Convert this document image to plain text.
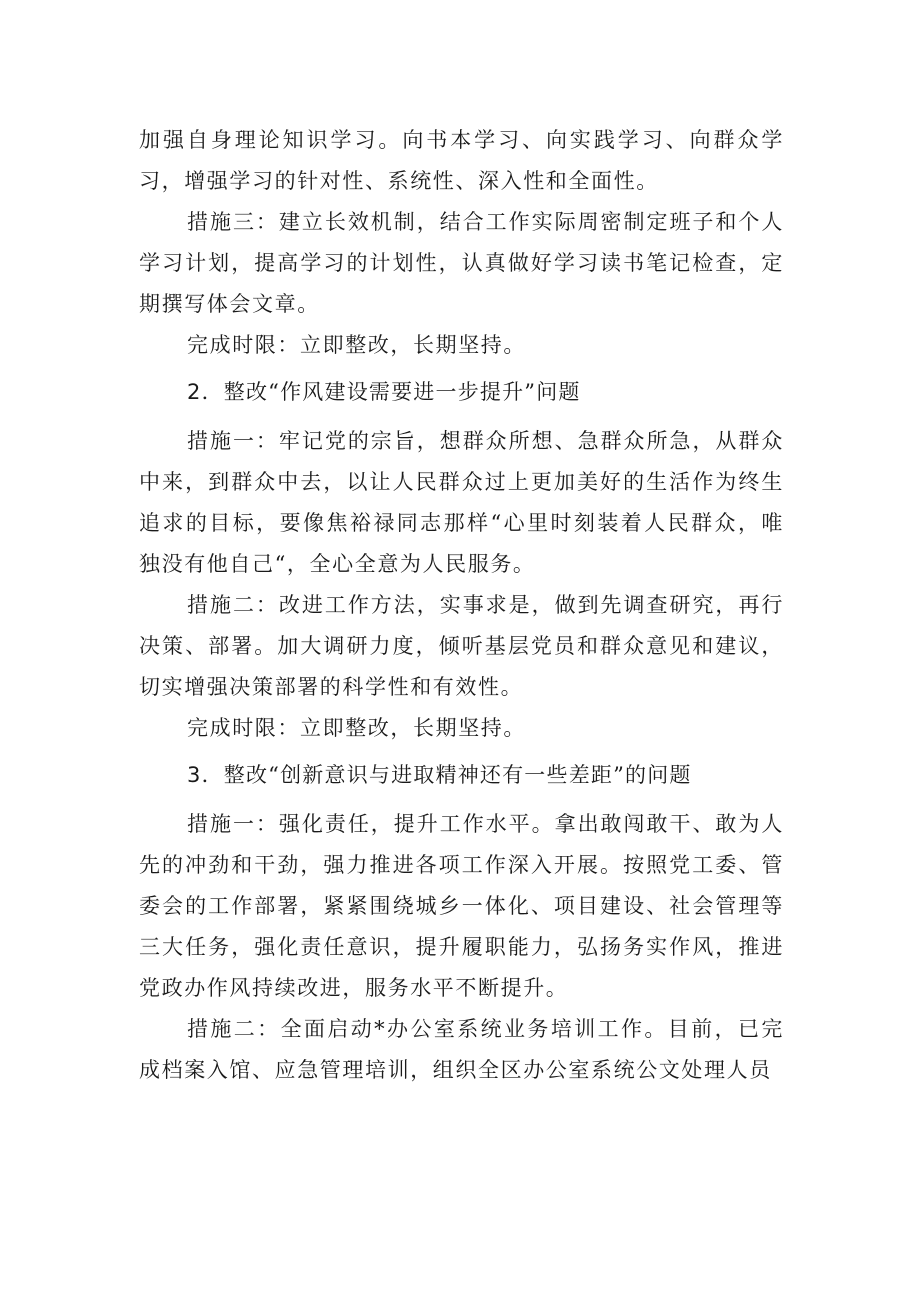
加强自身理论知识学习。向书本学习、向实践学习、向群众学习，增强学习的针对性、系统性、深入性和全面性。

措施三：建立长效机制，结合工作实际周密制定班子和个人学习计划，提高学习的计划性，认真做好学习读书笔记检查，定期撰写体会文章。

完成时限：立即整改，长期坚持。

2．整改“作风建设需要进一步提升”问题

措施一：牢记党的宗旨，想群众所想、急群众所急，从群众中来，到群众中去，以让人民群众过上更加美好的生活作为终生追求的目标，要像焦裕禄同志那样“心里时刻装着人民群众，唯独没有他自己“，全心全意为人民服务。

措施二：改进工作方法，实事求是，做到先调查研究，再行决策、部署。加大调研力度，倾听基层党员和群众意见和建议，切实增强决策部署的科学性和有效性。

完成时限：立即整改，长期坚持。

3．整改“创新意识与进取精神还有一些差距”的问题

措施一：强化责任，提升工作水平。拿出敢闯敢干、敢为人先的冲劲和干劲，强力推进各项工作深入开展。按照党工委、管委会的工作部署，紧紧围绕城乡一体化、项目建设、社会管理等三大任务，强化责任意识，提升履职能力，弘扬务实作风，推进党政办作风持续改进，服务水平不断提升。

措施二：全面启动*办公室系统业务培训工作。目前，已完成档案入馆、应急管理培训，组织全区办公室系统公文处理人员
